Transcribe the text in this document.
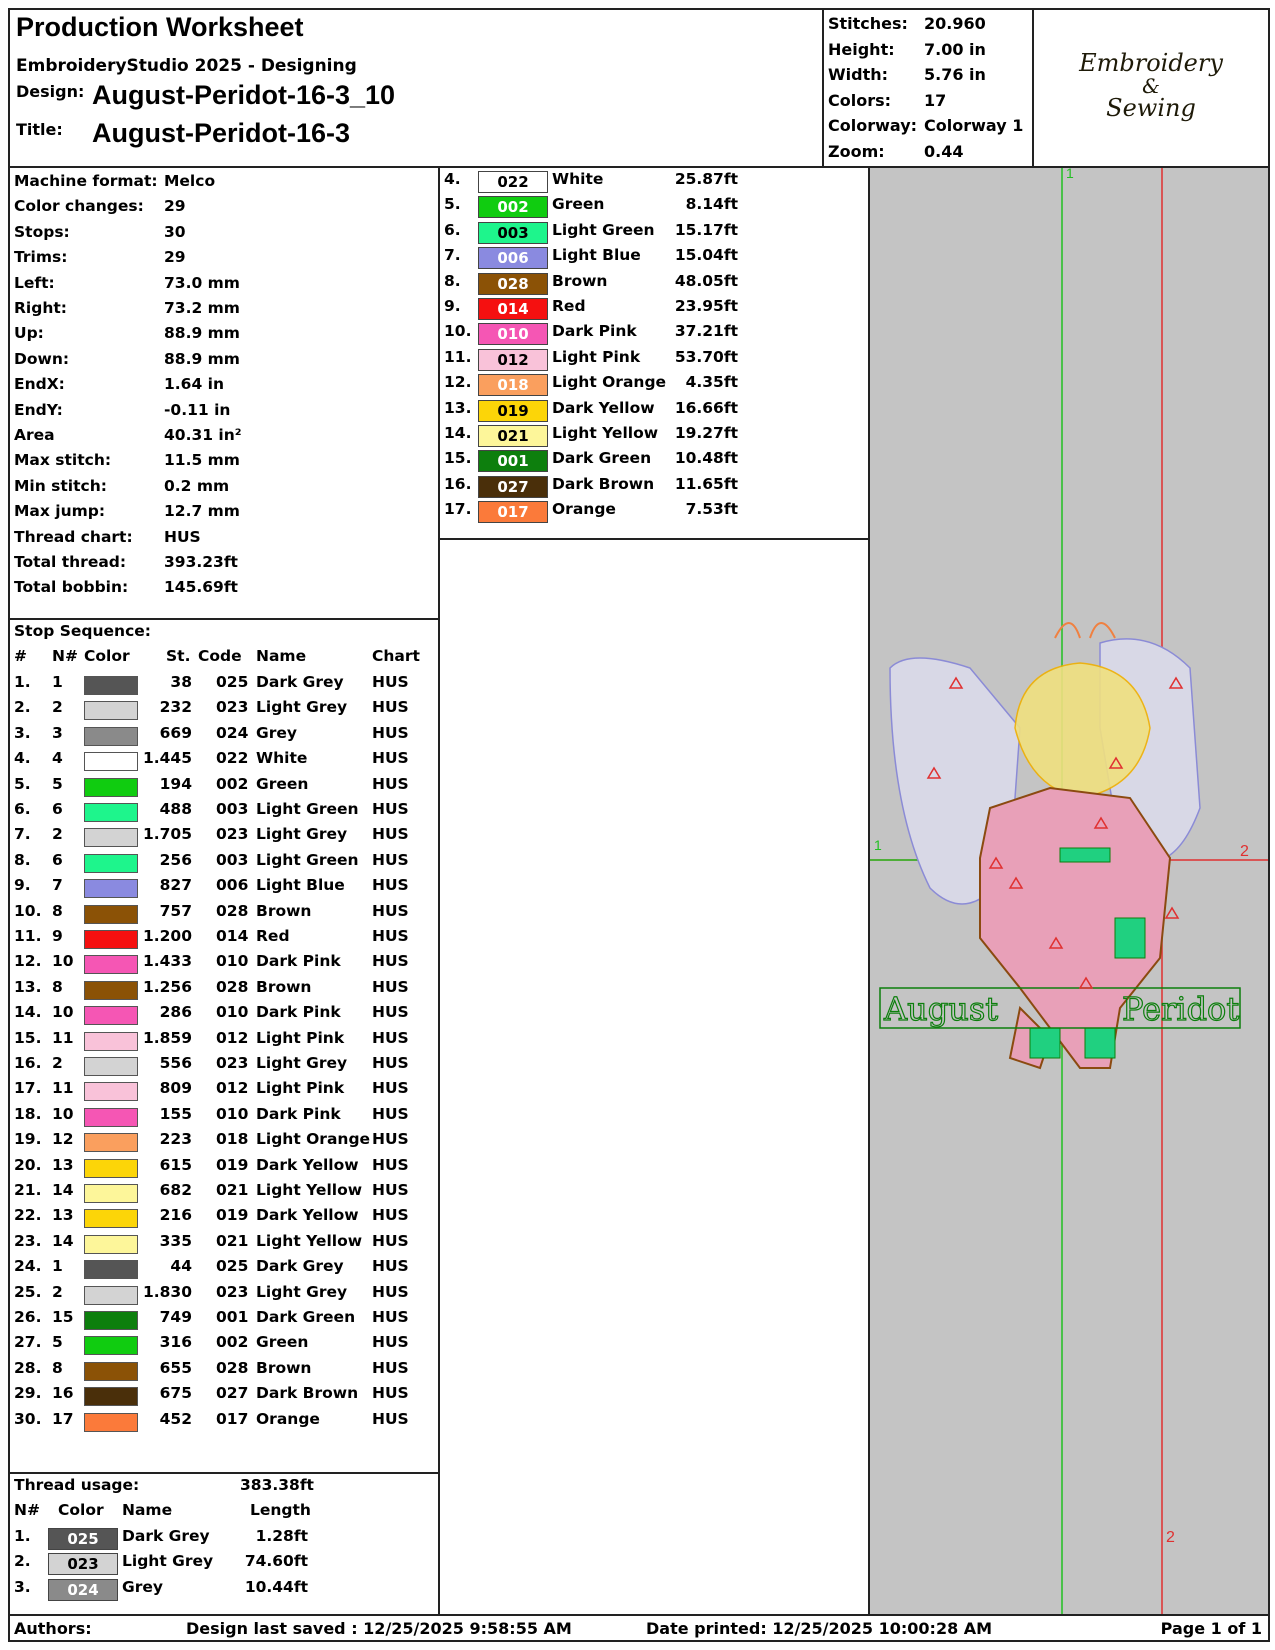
Production Worksheet
EmbroideryStudio 2025 - Designing
Design: August-Peridot-16-3_10
Title: August-Peridot-16-3
Stitches: 20.960
Height: 7.00 in
Width: 5.76 in
Colors: 17
Colorway: Colorway 1
Zoom: 0.44
Embroidery
&
Sewing
Machine format: Melco
Color changes: 29
Stops:	30
Trims:	29
Left:	73.0 mm
Right:	73.2 mm
Up:	88.9 mm
Down:	88.9 mm
EndX:	1.64 in
EndY:	-0.11 in
Area	40.31 in²
Max stitch:	11.5 mm
Min stitch:	0.2 mm
Max jump:	12.7 mm
Thread chart: HUS
Total thread: 393.23ft
Total bobbin: 145.69ft
Stop Sequence:
# N# Color St. Code Name	Chart
1. 1	38 025 Dark Grey HUS
2. 2	232 023 Light Grey HUS
3. 3	669 024 Grey	HUS
4. 4	1.445 022 White	HUS
5. 5	194 002 Green	HUS
6. 6	488 003 Light Green HUS
7. 2	1.705 023 Light Grey HUS
8. 6	256 003 Light Green HUS
9. 7	827 006 Light Blue HUS
10. 8	757 028 Brown	HUS
11. 9	1.200 014 Red	HUS
12. 10	1.433 010 Dark Pink HUS
13. 8	1.256 028 Brown	HUS
14. 10	286 010 Dark Pink HUS
15. 11	1.859 012 Light Pink HUS
16. 2	556 023 Light Grey HUS
17. 11	809 012 Light Pink HUS
18. 10	155 010 Dark Pink HUS
19. 12	223 018 Light Orange HUS
20. 13	615 019 Dark Yellow HUS
21. 14	682 021 Light Yellow HUS
22. 13	216 019 Dark Yellow HUS
23. 14	335 021 Light Yellow HUS
24. 1	44 025 Dark Grey HUS
25. 2	1.830 023 Light Grey HUS
26. 15	749 001 Dark Green HUS
27. 5	316 002 Green	HUS
28. 8	655 028 Brown	HUS
29. 16	675 027 Dark Brown HUS
30. 17	452 017 Orange	HUS
Thread usage:	383.38ft
N# Color Name	Length
1.	025	Dark Grey	1.28ft
2.	023	Light Grey	74.60ft
3.	024	Grey	10.44ft
4.	022	White	25.87ft
5.	002	Green	8.14ft
6.	003	Light Green	15.17ft
7.	006	Light Blue	15.04ft
8.	028	Brown	48.05ft
9.	014	Red	23.95ft
10.	010	Dark Pink	37.21ft
11.	012	Light Pink	53.70ft
12.	018	Light Orange	4.35ft
13.	019	Dark Yellow	16.66ft
14.	021	Light Yellow	19.27ft
15.	001	Dark Green	10.48ft
16.	027	Dark Brown	11.65ft
17.	017	Orange	7.53ft
1
1	2
2
August	Peridot
Authors:	Design last saved : 12/25/2025 9:58:55 AM	Date printed: 12/25/2025 10:00:28 AM	Page 1 of 1
